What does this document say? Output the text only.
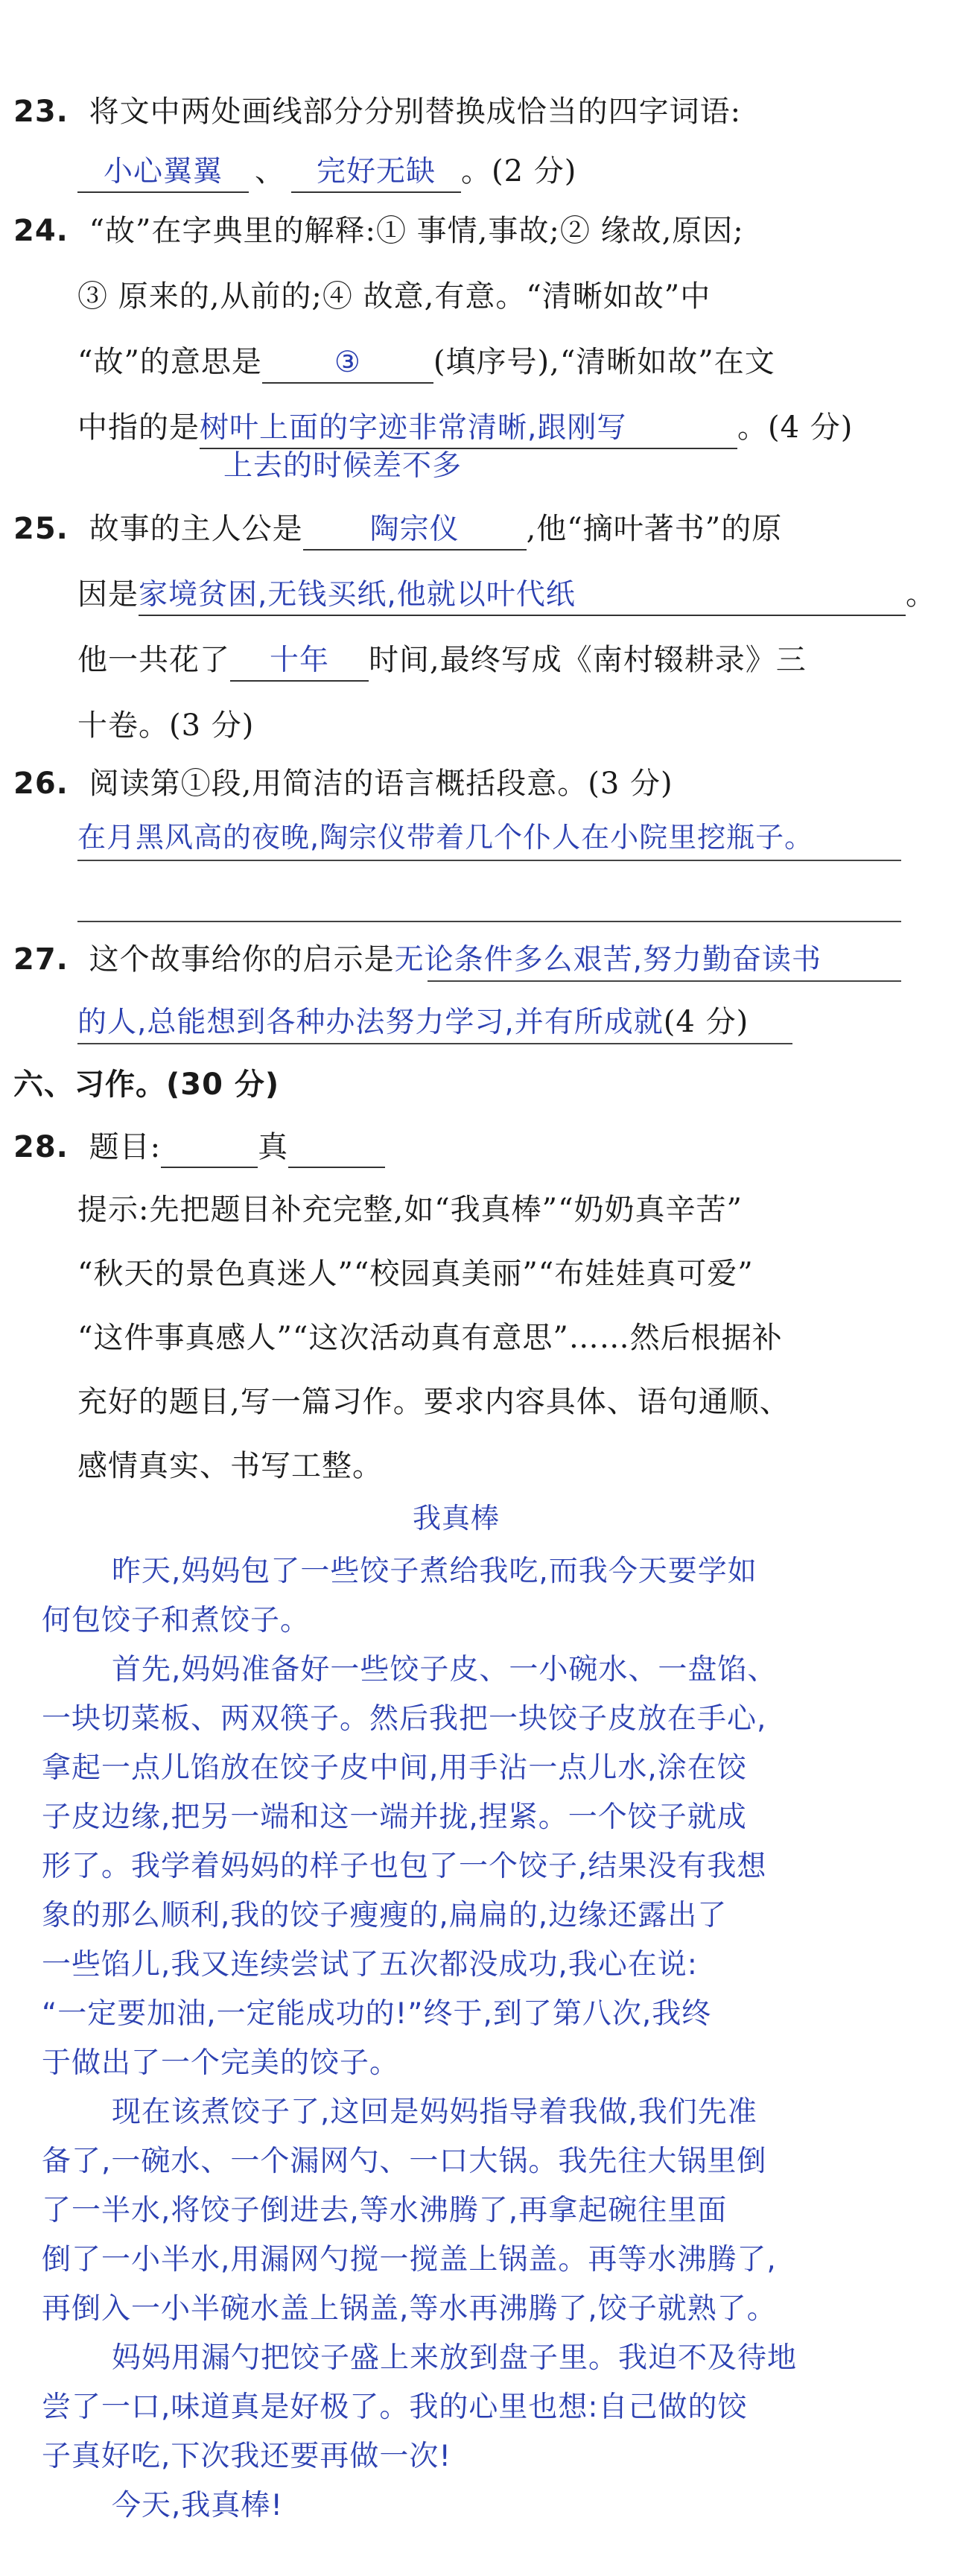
23. 将文中两处画线部分分别替换成恰当的四字词语:
小心翼翼 、 完好无缺 。(2 分)
24. “故”在字典里的解释:① 事情,事故;② 缘故,原因;
③ 原来的,从前的;④ 故意,有意。“清晰如故”中
“故”的意思是 ③ (填序号),“清晰如故”在文
中指的是树叶上面的字迹非常清晰,跟刚写	。(4 分)
上去的时候差不多
25. 故事的主人公是 陶宗仪 ,他“摘叶著书”的原
因是家境贫困,无钱买纸,他就以叶代纸	。
他一共花了 十年 时间,最终写成《南村辍耕录》三
十卷。(3 分)
26. 阅读第①段,用简洁的语言概括段意。(3 分)
在月黑风高的夜晚,陶宗仪带着几个仆人在小院里挖瓶子。
27. 这个故事给你的启示是无论条件多么艰苦,努力勤奋读书
的人,总能想到各种办法努力学习,并有所成就(4 分)
六、习作。(30 分)
28. 题目:	真
提示:先把题目补充完整,如“我真棒”“奶奶真辛苦”
“秋天的景色真迷人”“校园真美丽”“布娃娃真可爱”
“这件事真感人”“这次活动真有意思”……然后根据补
充好的题目,写一篇习作。要求内容具体、语句通顺、
感情真实、书写工整。
我真棒
昨天,妈妈包了一些饺子煮给我吃,而我今天要学如
何包饺子和煮饺子。
首先,妈妈准备好一些饺子皮、一小碗水、一盘馅、
一块切菜板、两双筷子。然后我把一块饺子皮放在手心,
拿起一点儿馅放在饺子皮中间,用手沾一点儿水,涂在饺
子皮边缘,把另一端和这一端并拢,捏紧。一个饺子就成
形了。我学着妈妈的样子也包了一个饺子,结果没有我想
象的那么顺利,我的饺子瘦瘦的,扁扁的,边缘还露出了
一些馅儿,我又连续尝试了五次都没成功,我心在说:
“一定要加油,一定能成功的!”终于,到了第八次,我终
于做出了一个完美的饺子。
现在该煮饺子了,这回是妈妈指导着我做,我们先准
备了,一碗水、一个漏网勺、一口大锅。我先往大锅里倒
了一半水,将饺子倒进去,等水沸腾了,再拿起碗往里面
倒了一小半水,用漏网勺搅一搅盖上锅盖。再等水沸腾了,
再倒入一小半碗水盖上锅盖,等水再沸腾了,饺子就熟了。
妈妈用漏勺把饺子盛上来放到盘子里。我迫不及待地
尝了一口,味道真是好极了。我的心里也想:自己做的饺
子真好吃,下次我还要再做一次!
今天,我真棒!
